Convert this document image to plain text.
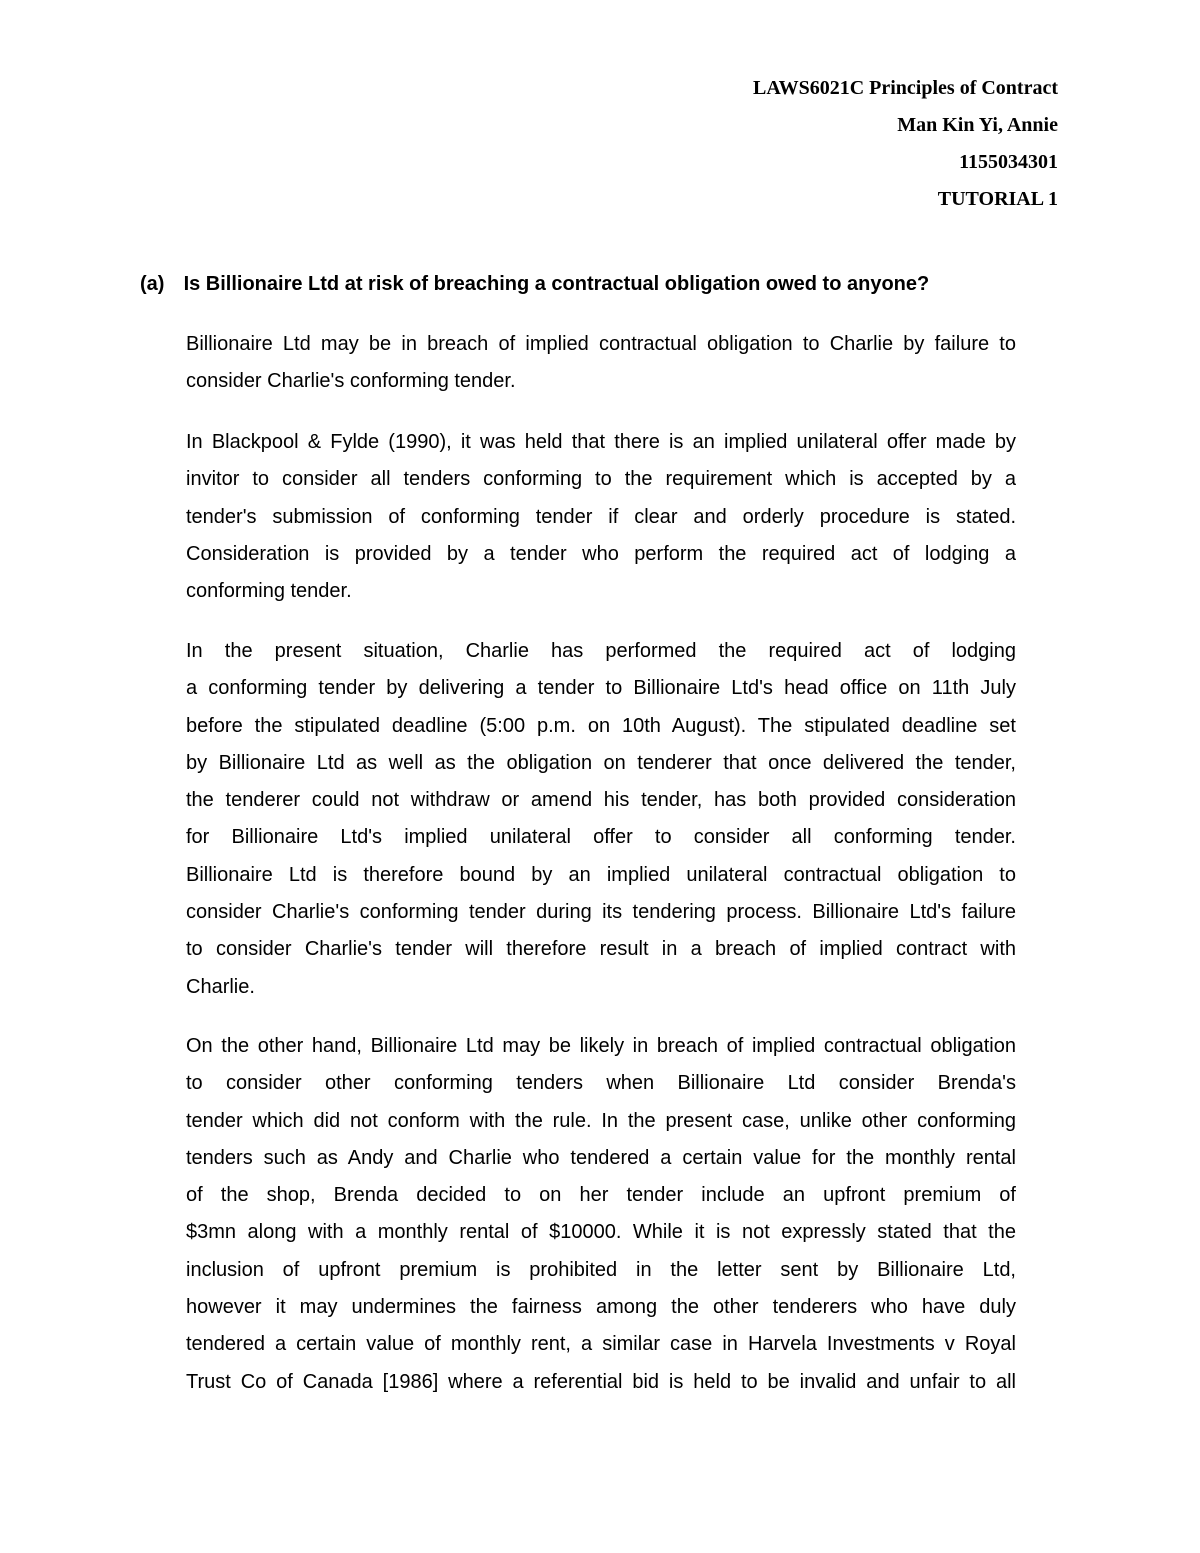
LAWS6021C Principles of Contract
Man Kin Yi, Annie
1155034301
TUTORIAL 1
(a) Is Billionaire Ltd at risk of breaching a contractual obligation owed to anyone?
Billionaire Ltd may be in breach of implied contractual obligation to Charlie by failure to
consider Charlie's conforming tender.
In Blackpool & Fylde (1990), it was held that there is an implied unilateral offer made by
invitor to consider all tenders conforming to the requirement which is accepted by a
tender's submission of conforming tender if clear and orderly procedure is stated.
Consideration is provided by a tender who perform the required act of lodging a
conforming tender.
In the present situation, Charlie has performed the required act of lodging
a conforming tender by delivering a tender to Billionaire Ltd's head office on 11th July
before the stipulated deadline (5:00 p.m. on 10th August). The stipulated deadline set
by Billionaire Ltd as well as the obligation on tenderer that once delivered the tender,
the tenderer could not withdraw or amend his tender, has both provided consideration
for Billionaire Ltd's implied unilateral offer to consider all conforming tender.
Billionaire Ltd is therefore bound by an implied unilateral contractual obligation to
consider Charlie's conforming tender during its tendering process. Billionaire Ltd's failure
to consider Charlie's tender will therefore result in a breach of implied contract with
Charlie.
On the other hand, Billionaire Ltd may be likely in breach of implied contractual obligation
to consider other conforming tenders when Billionaire Ltd consider Brenda's
tender which did not conform with the rule. In the present case, unlike other conforming
tenders such as Andy and Charlie who tendered a certain value for the monthly rental
of the shop, Brenda decided to on her tender include an upfront premium of
$3mn along with a monthly rental of $10000. While it is not expressly stated that the
inclusion of upfront premium is prohibited in the letter sent by Billionaire Ltd,
however it may undermines the fairness among the other tenderers who have duly
tendered a certain value of monthly rent, a similar case in Harvela Investments v Royal
Trust Co of Canada [1986] where a referential bid is held to be invalid and unfair to all
